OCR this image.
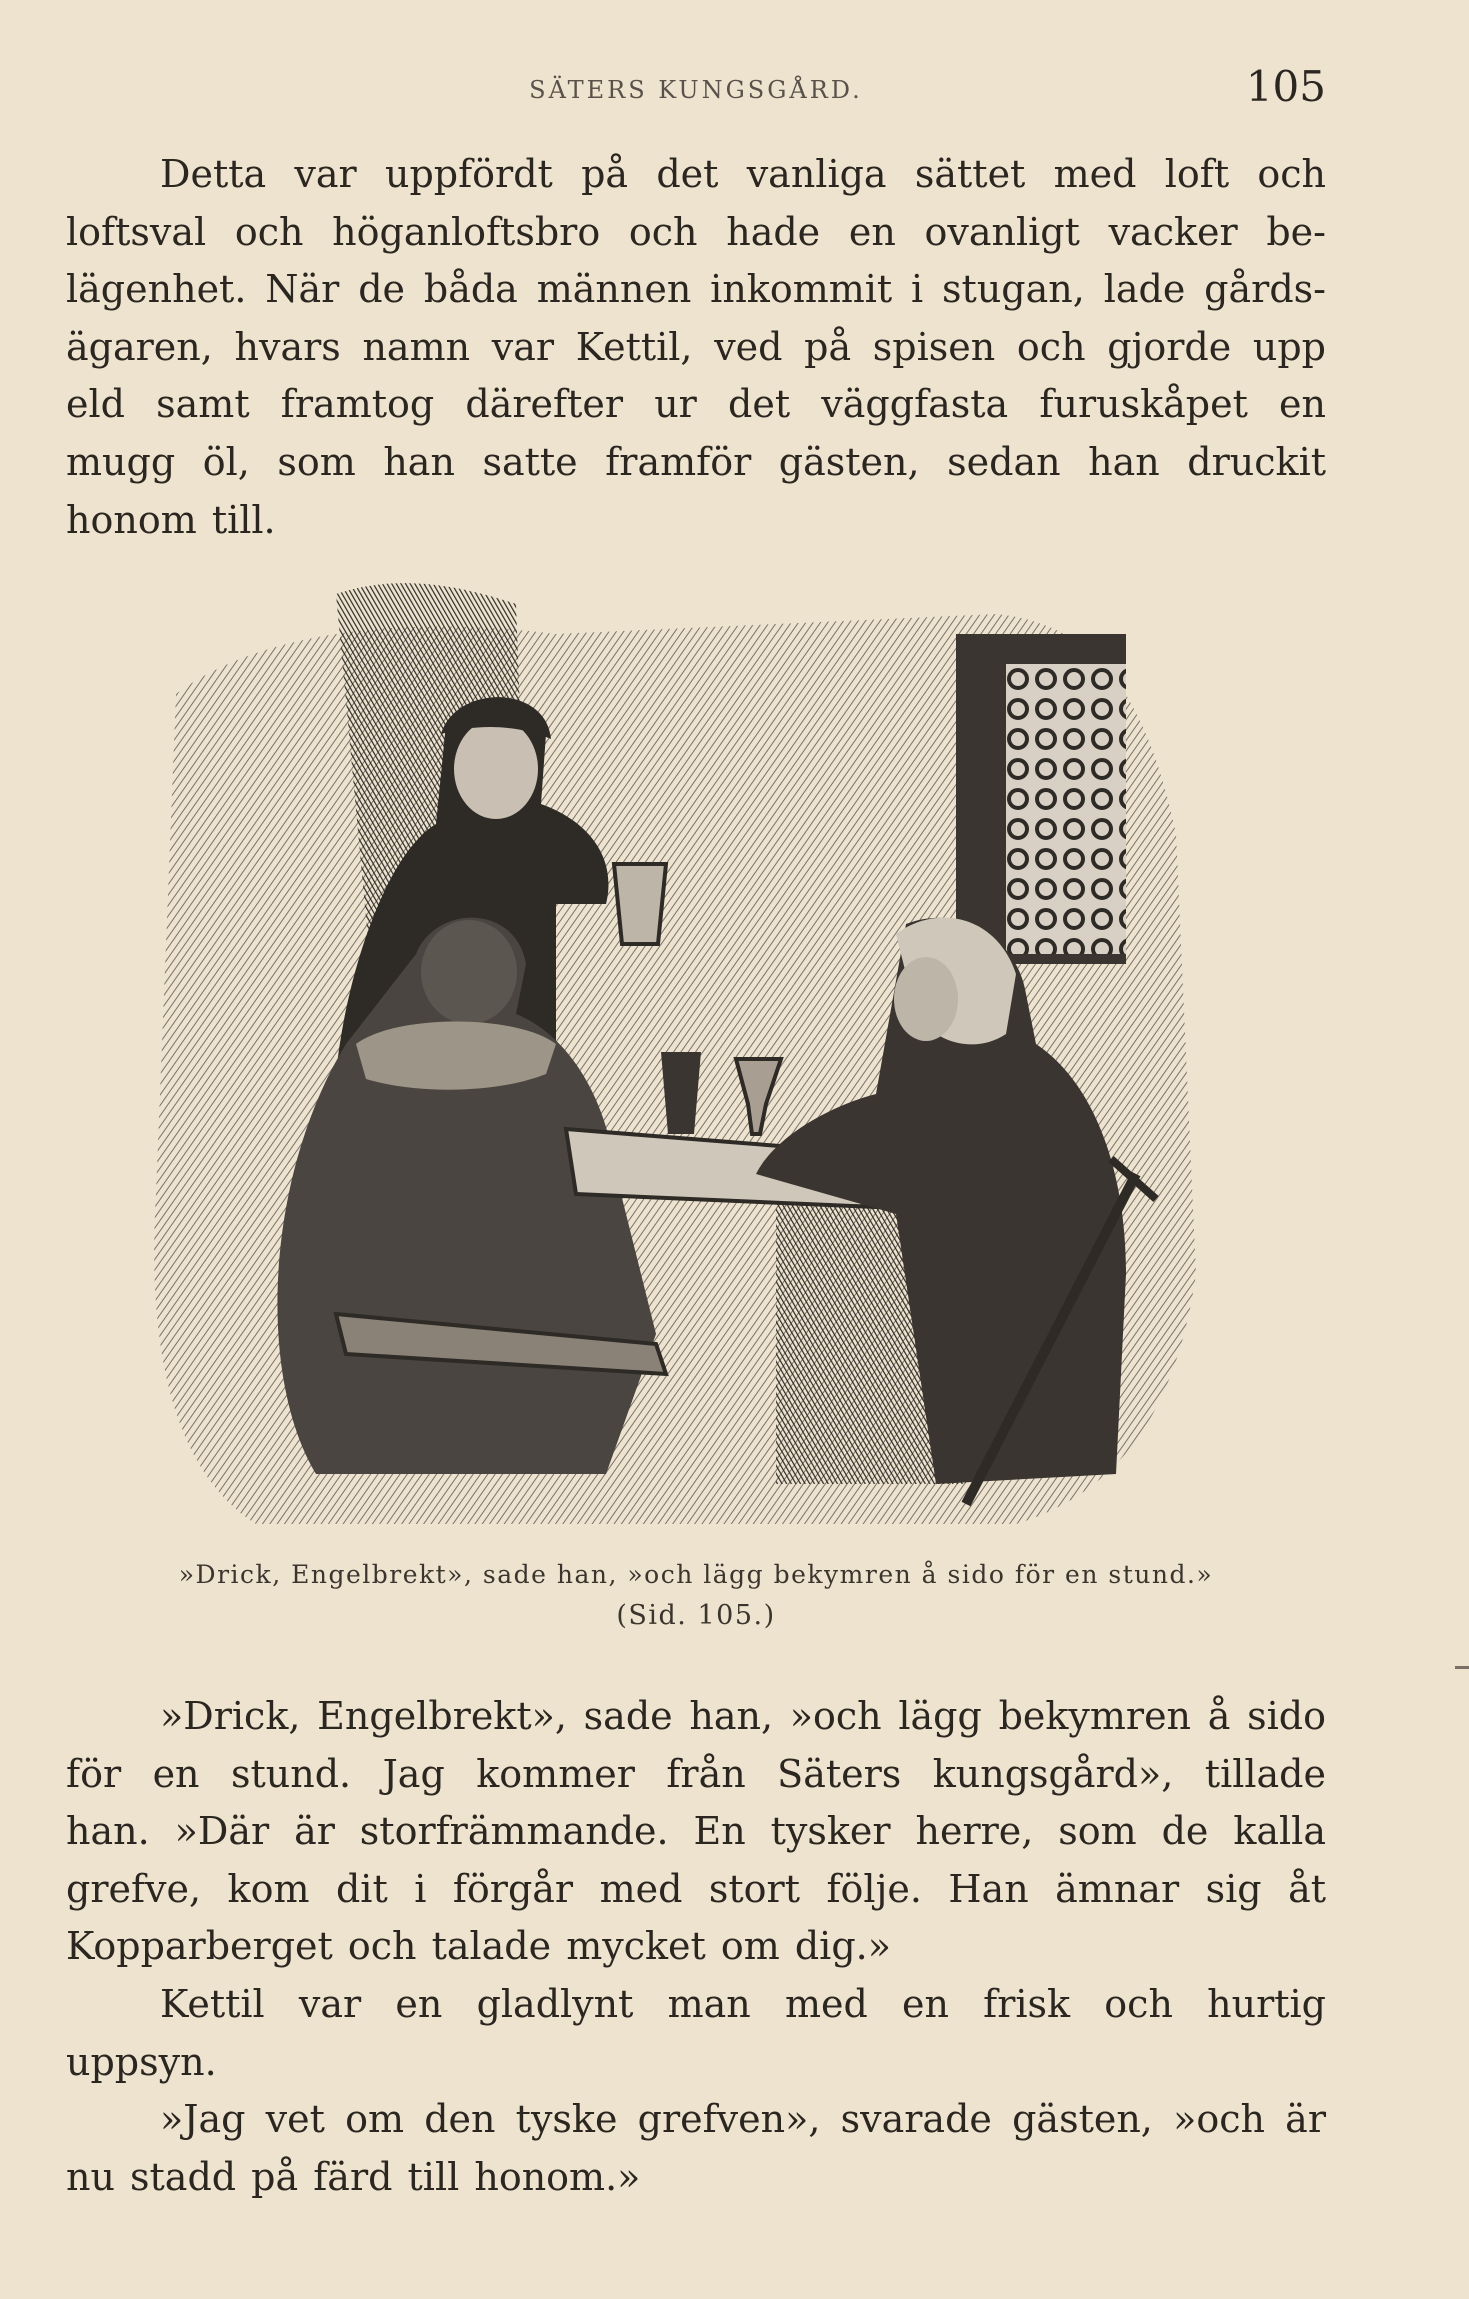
SÄTERS KUNGSGÅRD.	105

Detta var uppfördt på det vanliga sättet med loft och
loftsval och höganloftsbro och hade en ovanligt vacker be-
lägenhet. När de båda männen inkommit i stugan, lade gårds-
ägaren, hvars namn var Kettil, ved på spisen och gjorde upp
eld samt framtog därefter ur det väggfasta furuskåpet en
mugg öl, som han satte framför gästen, sedan han druckit
honom till.

»Drick, Engelbrekt», sade han, »och lägg bekymren å sido för en stund.»
(Sid. 105.)

»Drick, Engelbrekt», sade han, »och lägg bekymren å sido
för en stund. Jag kommer från Säters kungsgård», tillade
han. »Där är storfrämmande. En tysker herre, som de kalla
grefve, kom dit i förgår med stort följe. Han ämnar sig åt
Kopparberget och talade mycket om dig.»

Kettil var en gladlynt man med en frisk och hurtig
uppsyn.

»Jag vet om den tyske grefven», svarade gästen, »och är
nu stadd på färd till honom.»
